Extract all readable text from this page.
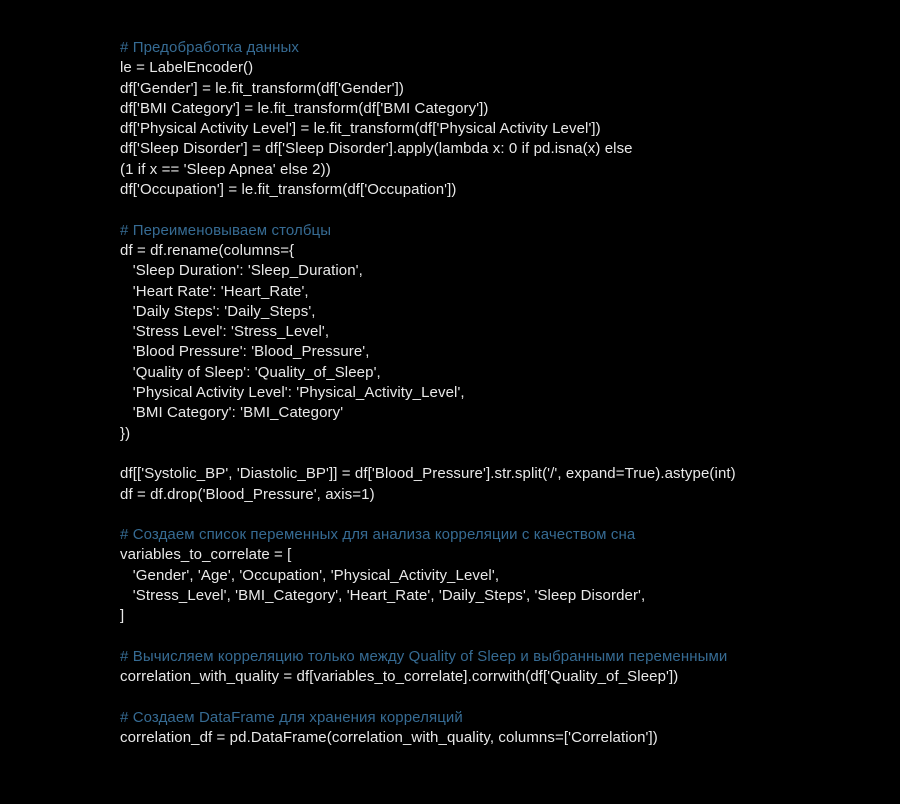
# Предобработка данных
le = LabelEncoder()
df['Gender'] = le.fit_transform(df['Gender'])
df['BMI Category'] = le.fit_transform(df['BMI Category'])
df['Physical Activity Level'] = le.fit_transform(df['Physical Activity Level'])
df['Sleep Disorder'] = df['Sleep Disorder'].apply(lambda x: 0 if pd.isna(x) else
(1 if x == 'Sleep Apnea' else 2))
df['Occupation'] = le.fit_transform(df['Occupation'])

# Переименовываем столбцы
df = df.rename(columns={
'Sleep Duration': 'Sleep_Duration',
'Heart Rate': 'Heart_Rate',
'Daily Steps': 'Daily_Steps',
'Stress Level': 'Stress_Level',
'Blood Pressure': 'Blood_Pressure',
'Quality of Sleep': 'Quality_of_Sleep',
'Physical Activity Level': 'Physical_Activity_Level',
'BMI Category': 'BMI_Category'
})

df[['Systolic_BP', 'Diastolic_BP']] = df['Blood_Pressure'].str.split('/', expand=True).astype(int)
df = df.drop('Blood_Pressure', axis=1)

# Создаем список переменных для анализа корреляции с качеством сна
variables_to_correlate = [
'Gender', 'Age', 'Occupation', 'Physical_Activity_Level',
'Stress_Level', 'BMI_Category', 'Heart_Rate', 'Daily_Steps', 'Sleep Disorder',
]

# Вычисляем корреляцию только между Quality of Sleep и выбранными переменными
correlation_with_quality = df[variables_to_correlate].corrwith(df['Quality_of_Sleep'])

# Создаем DataFrame для хранения корреляций
correlation_df = pd.DataFrame(correlation_with_quality, columns=['Correlation'])
